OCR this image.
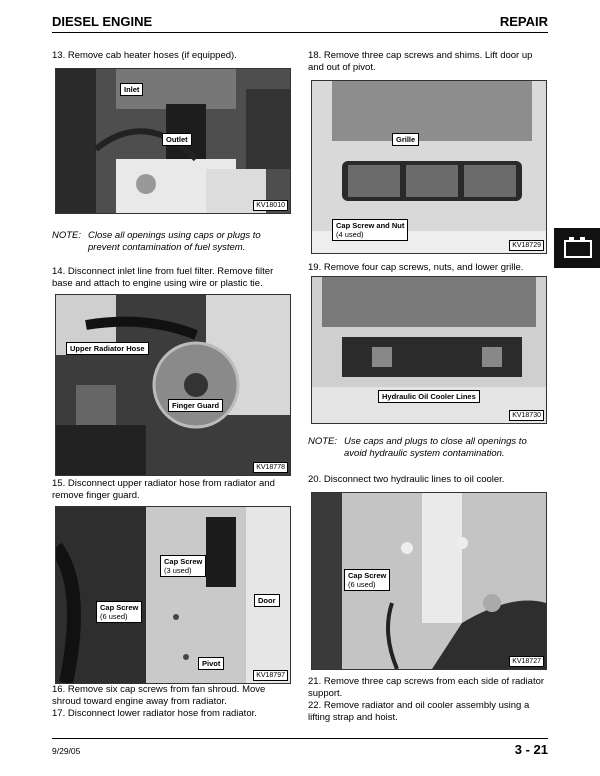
DIESEL ENGINE	REPAIR
13. Remove cab heater hoses (if equipped).
Inlet
Outlet
KV18010
NOTE: Close all openings using caps or plugs to prevent contamination of fuel system.
14. Disconnect inlet line from fuel filter. Remove filter base and attach to engine using wire or plastic tie.
Upper Radiator Hose
Finger Guard
KV18778
15. Disconnect upper radiator hose from radiator and remove finger guard.
Cap Screw
(3 used)
Cap Screw
(6 used)
Pivot
KV18797
Door
16. Remove six cap screws from fan shroud. Move shroud toward engine away from radiator.
17. Disconnect lower radiator hose from radiator.
18. Remove three cap screws and shims. Lift door up and out of pivot.
Grille
Cap Screw and Nut
(4 used)
KV18729
19. Remove four cap screws, nuts, and lower grille.
Hydraulic Oil Cooler Lines
KV18730
NOTE: Use caps and plugs to close all openings to avoid hydraulic system contamination.
20. Disconnect two hydraulic lines to oil cooler.
Cap Screw
(6 used)
KV18727
21. Remove three cap screws from each side of radiator support.
22. Remove radiator and oil cooler assembly using a lifting strap and hoist.
9/29/05	3 - 21
